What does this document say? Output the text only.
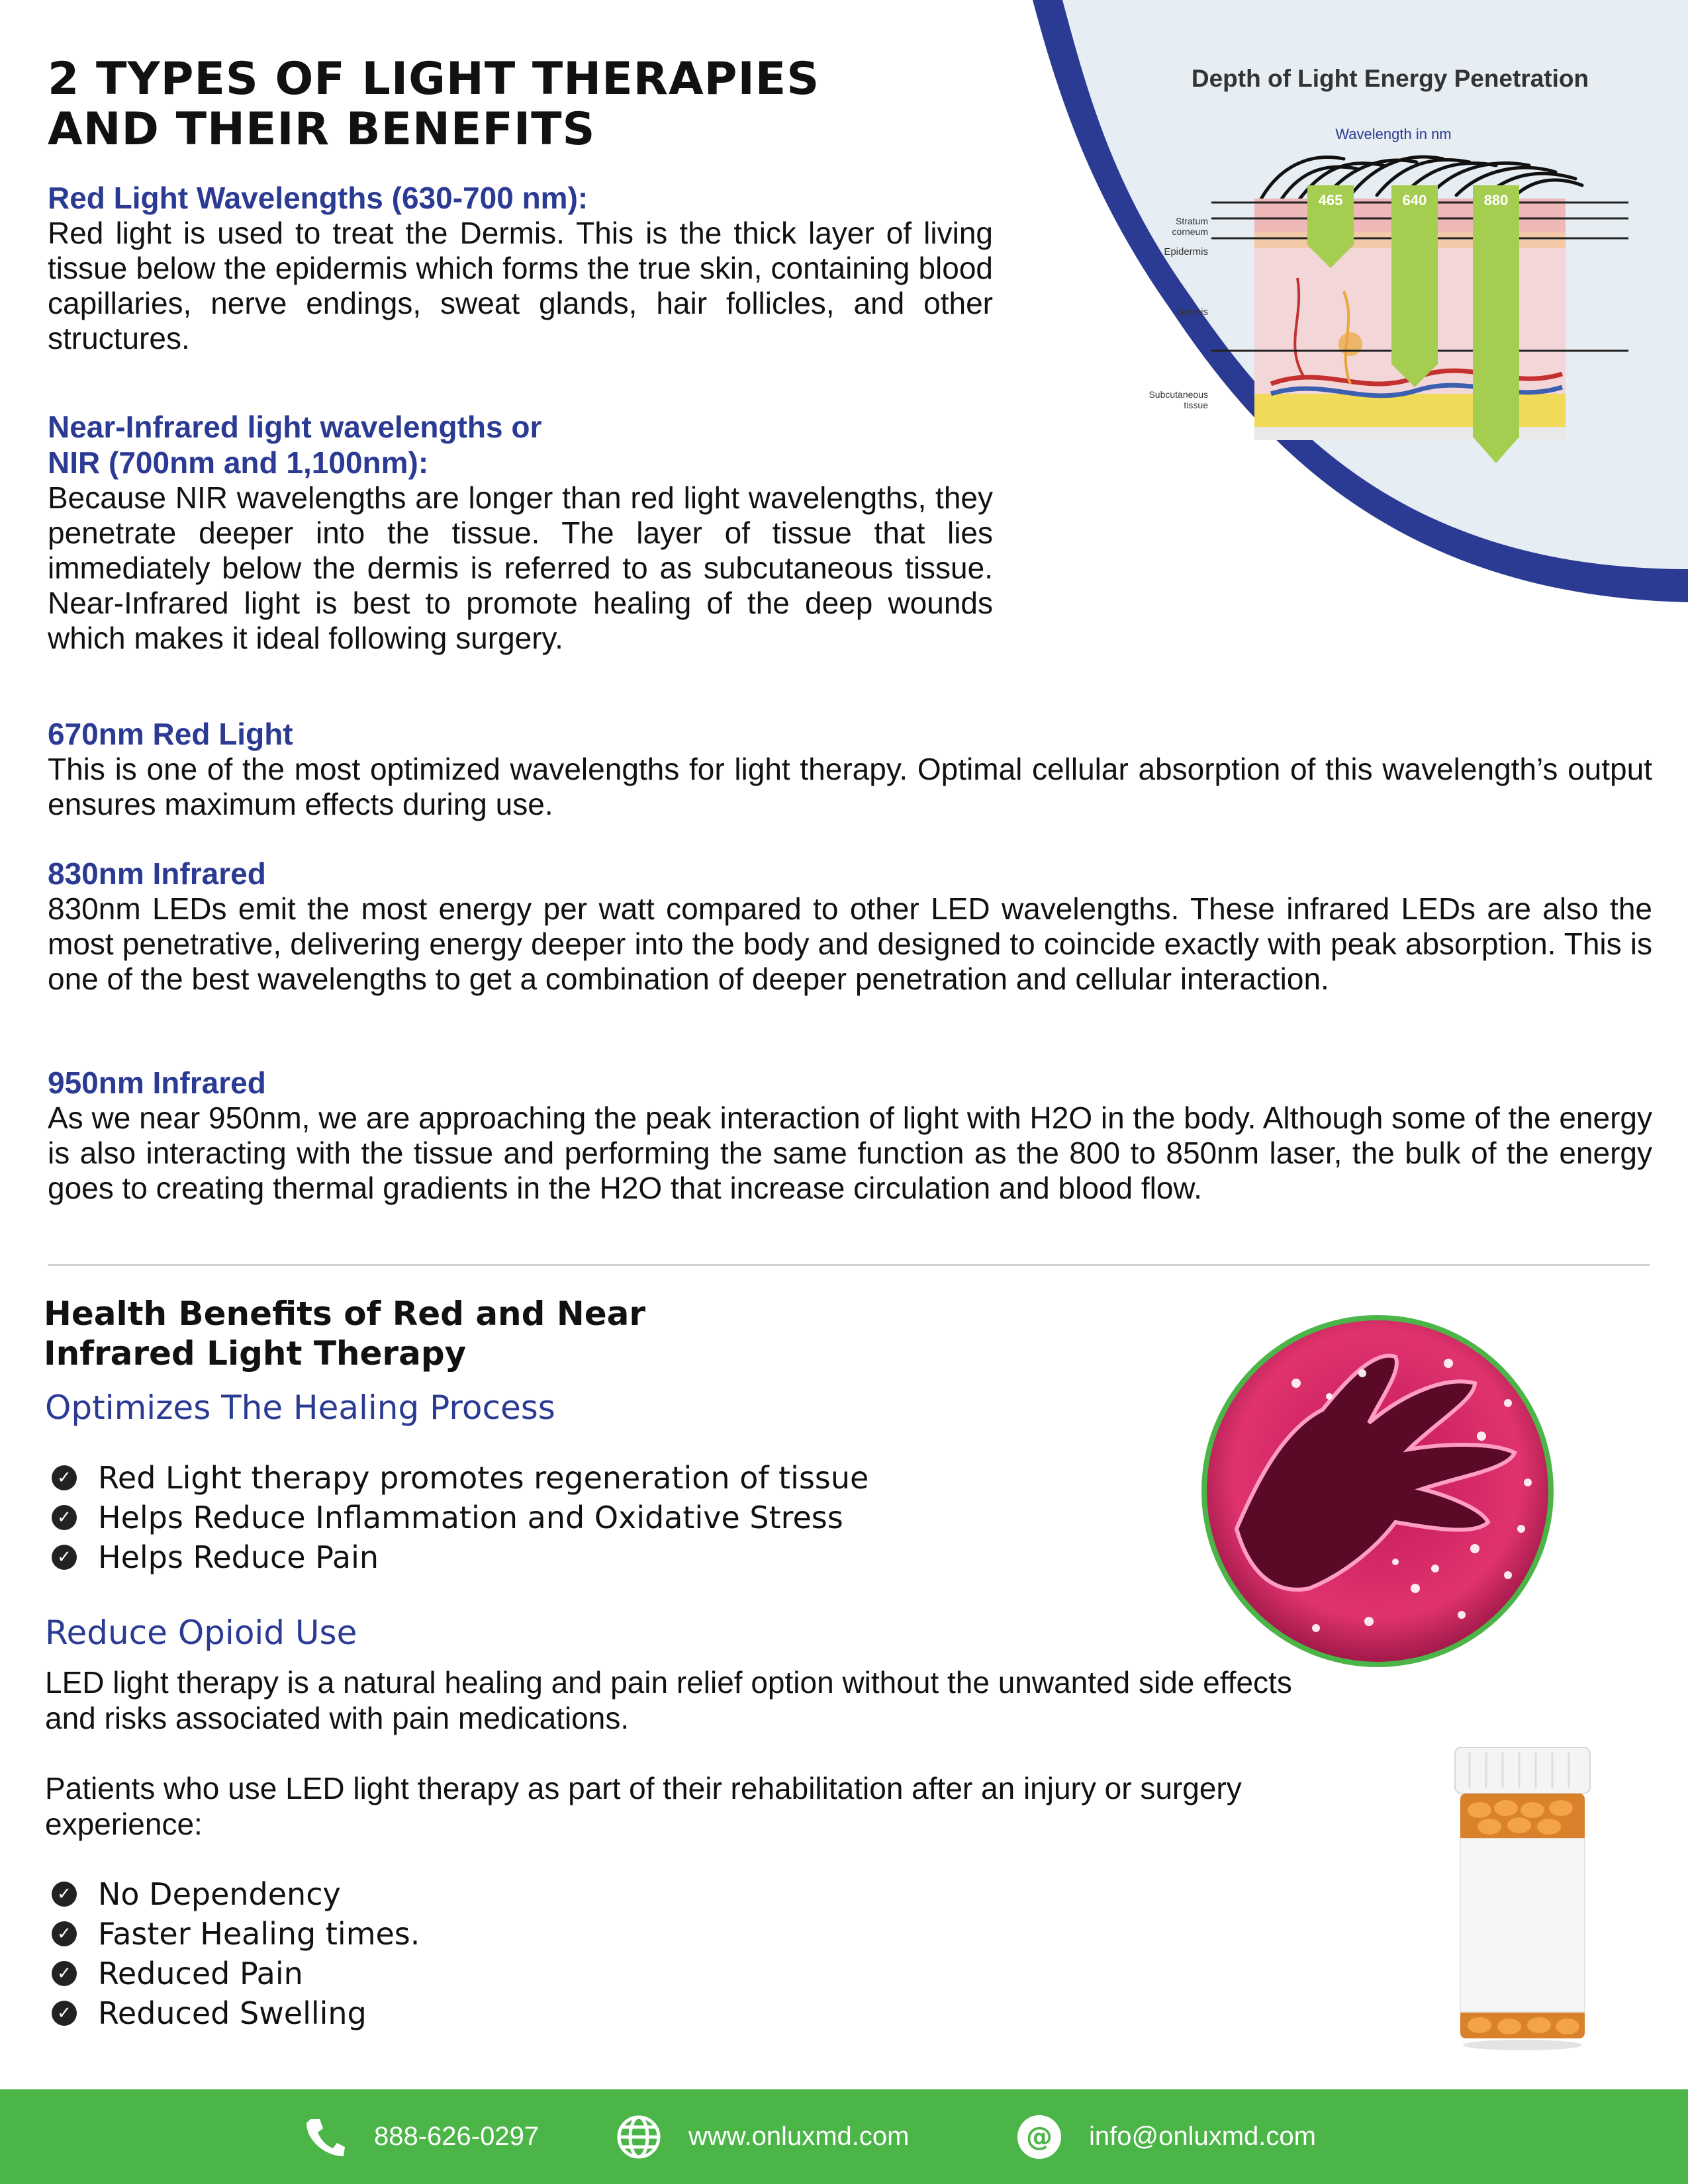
Depth of Light Energy Penetration
Wavelength in nm
465	640	880
Stratum corneum
Epidermis
Dermis
Subcutaneous tissue
2 TYPES OF LIGHT THERAPIES
AND THEIR BENEFITS
Red Light Wavelengths (630-700 nm):
Red light is used to treat the Dermis. This is the thick layer of living tissue below the epidermis which forms the true skin, containing blood capillaries, nerve endings, sweat glands, hair follicles, and other structures.
Near-Infrared light wavelengths or
NIR (700nm and 1,100nm):
Because NIR wavelengths are longer than red light wavelengths, they penetrate deeper into the tissue. The layer of tissue that lies immediately below the dermis is referred to as subcutaneous tissue. Near-Infrared light is best to promote healing of the deep wounds which makes it ideal following surgery.
670nm Red Light
This is one of the most optimized wavelengths for light therapy. Optimal cellular absorption of this wavelength’s output ensures maximum effects during use.
830nm Infrared
830nm LEDs emit the most energy per watt compared to other LED wavelengths. These infrared LEDs are also the most penetrative, delivering energy deeper into the body and designed to coincide exactly with peak absorption. This is one of the best wavelengths to get a combination of deeper penetration and cellular interaction.
950nm Infrared
As we near 950nm, we are approaching the peak interaction of light with H2O in the body. Although some of the energy is also interacting with the tissue and performing the same function as the 800 to 850nm laser, the bulk of the energy goes to creating thermal gradients in the H2O that increase circulation and blood flow.
Health Benefits of Red and Near
Infrared Light Therapy
Optimizes The Healing Process
✓ Red Light therapy promotes regeneration of tissue
✓ Helps Reduce Inflammation and Oxidative Stress
✓ Helps Reduce Pain
Reduce Opioid Use
LED light therapy is a natural healing and pain relief option without the unwanted side effects and risks associated with pain medications.
Patients who use LED light therapy as part of their rehabilitation after an injury or surgery experience:
✓ No Dependency
✓ Faster Healing times.
✓ Reduced Pain
✓ Reduced Swelling
888-626-0297	www.onluxmd.com	@ info@onluxmd.com
